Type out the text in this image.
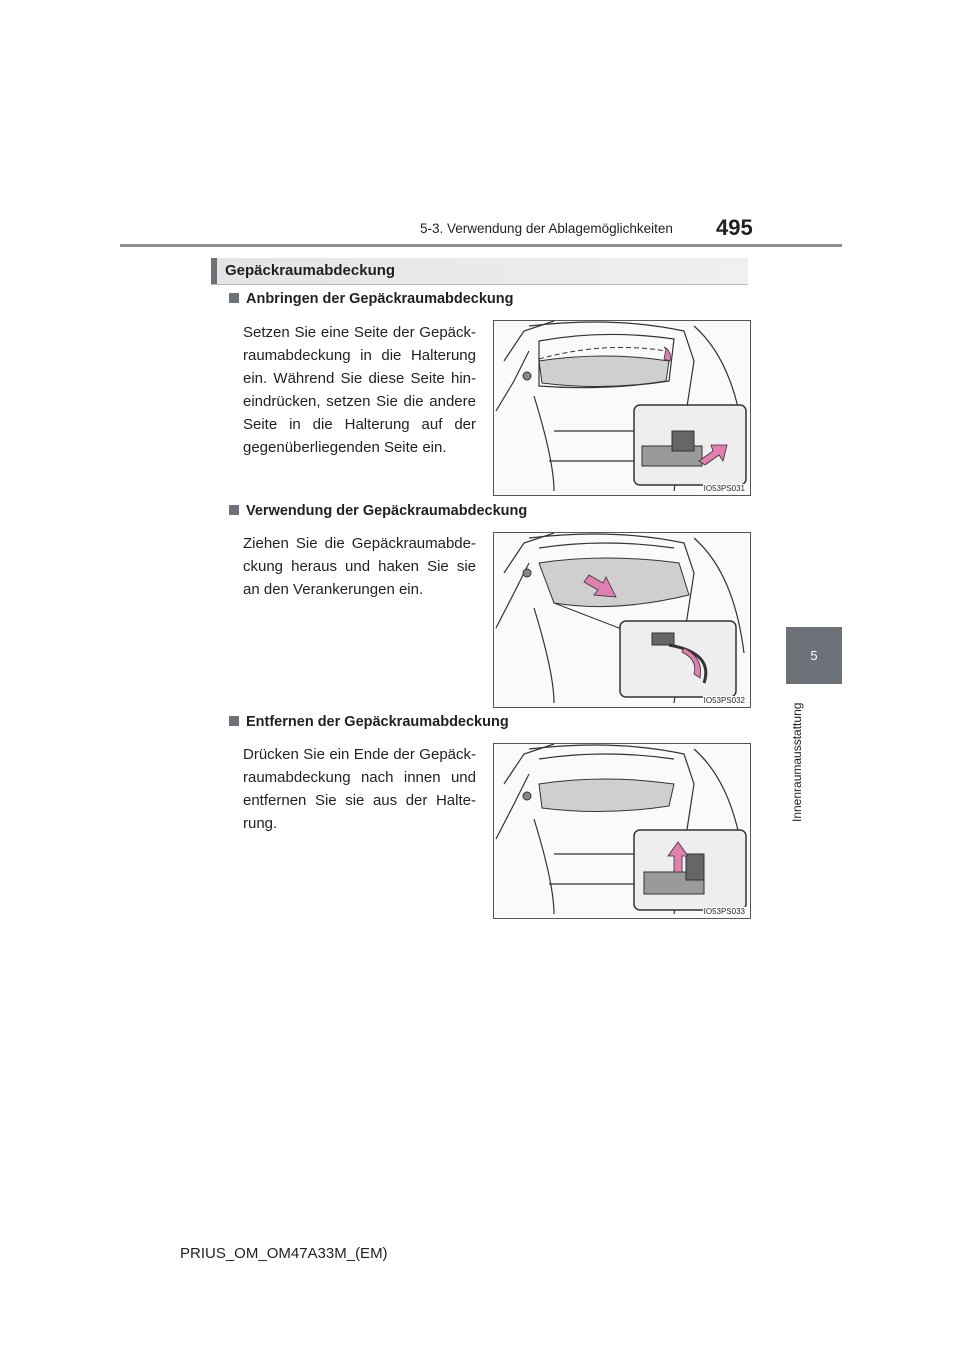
5-3. Verwendung der Ablagemöglichkeiten 495
5
Innenraumausstattung
Gepäckraumabdeckung
Anbringen der Gepäckraumabdeckung
Setzen Sie eine Seite der Gepäckraumabdeckung in die Halterung ein. Während Sie diese Seite hineindrücken, setzen Sie die andere Seite in die Halterung auf der gegenüberliegenden Seite ein.
IO53PS031
Verwendung der Gepäckraumabdeckung
Ziehen Sie die Gepäckraumabdeckung heraus und haken Sie sie an den Verankerungen ein.
IO53PS032
Entfernen der Gepäckraumabdeckung
Drücken Sie ein Ende der Gepäckraumabdeckung nach innen und entfernen Sie sie aus der Halterung.
IO53PS033
PRIUS_OM_OM47A33M_(EM)
